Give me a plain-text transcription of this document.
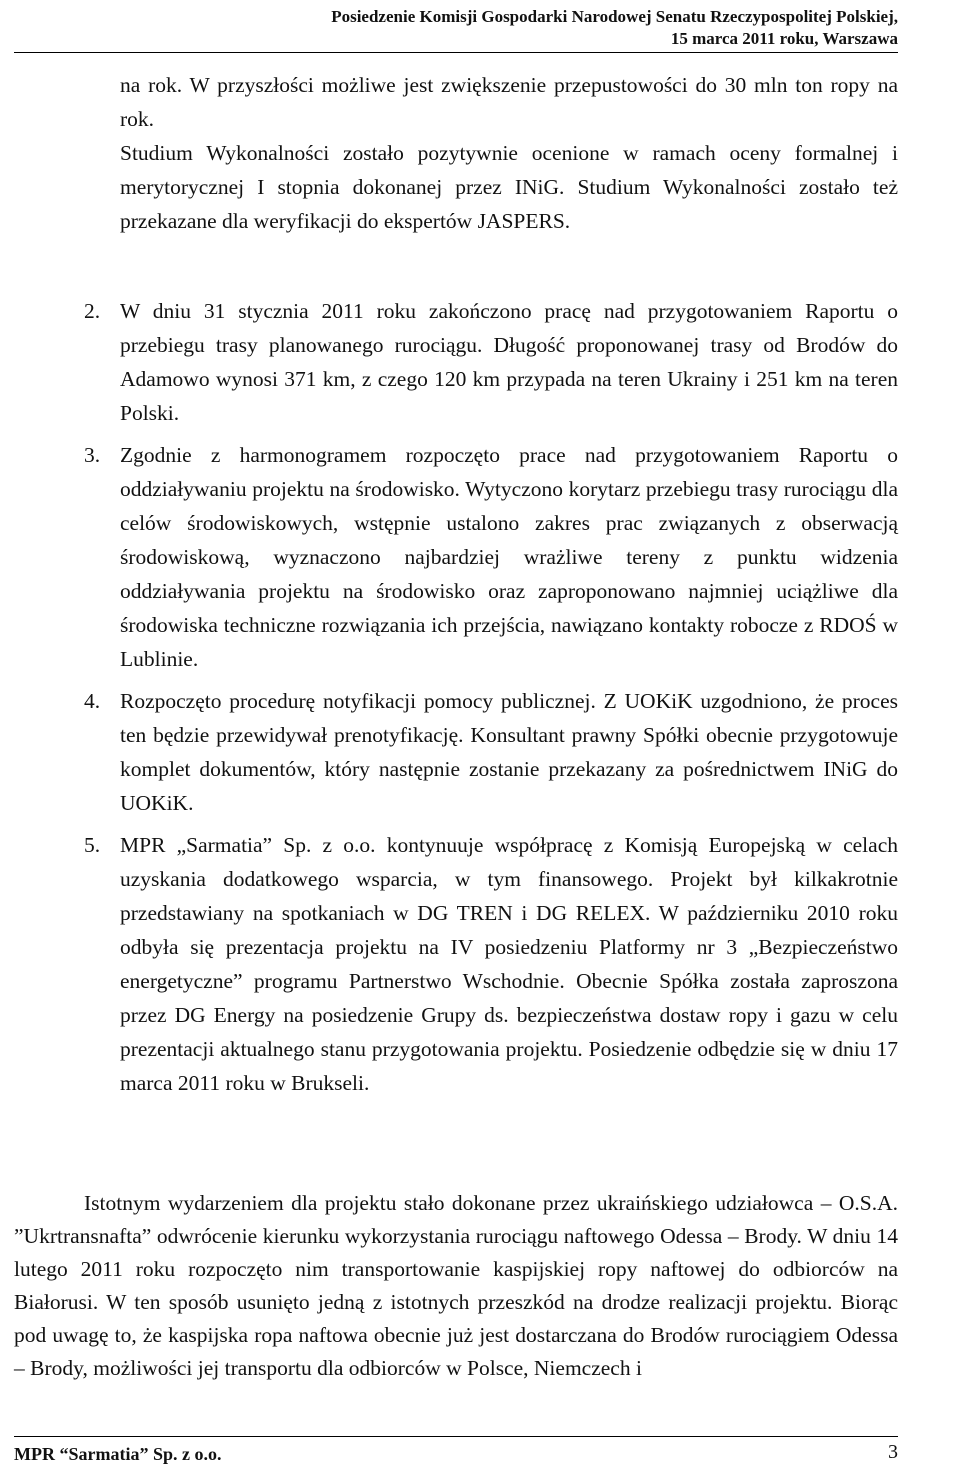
Posiedzenie Komisji Gospodarki Narodowej Senatu Rzeczypospolitej Polskiej,
15 marca 2011 roku, Warszawa

na rok. W przyszłości możliwe jest zwiększenie przepustowości do 30 mln ton ropy na rok.

Studium Wykonalności zostało pozytywnie ocenione w ramach oceny formalnej i merytorycznej I stopnia dokonanej przez INiG. Studium Wykonalności zostało też przekazane dla weryfikacji do ekspertów JASPERS.

2. W dniu 31 stycznia 2011 roku zakończono pracę nad przygotowaniem Raportu o przebiegu trasy planowanego rurociągu. Długość proponowanej trasy od Brodów do Adamowo wynosi 371 km, z czego 120 km przypada na teren Ukrainy i 251 km na teren Polski.
3. Zgodnie z harmonogramem rozpoczęto prace nad przygotowaniem Raportu o oddziaływaniu projektu na środowisko. Wytyczono korytarz przebiegu trasy rurociągu dla celów środowiskowych, wstępnie ustalono zakres prac związanych z obserwacją środowiskową, wyznaczono najbardziej wrażliwe tereny z punktu widzenia oddziaływania projektu na środowisko oraz zaproponowano najmniej uciążliwe dla środowiska techniczne rozwiązania ich przejścia, nawiązano kontakty robocze z RDOŚ w Lublinie.
4. Rozpoczęto procedurę notyfikacji pomocy publicznej. Z UOKiK uzgodniono, że proces ten będzie przewidywał prenotyfikację. Konsultant prawny Spółki obecnie przygotowuje komplet dokumentów, który następnie zostanie przekazany za pośrednictwem INiG do UOKiK.
5. MPR „Sarmatia” Sp. z o.o. kontynuuje współpracę z Komisją Europejską w celach uzyskania dodatkowego wsparcia, w tym finansowego. Projekt był kilkakrotnie przedstawiany na spotkaniach w DG TREN i DG RELEX. W październiku 2010 roku odbyła się prezentacja projektu na IV posiedzeniu Platformy nr 3 „Bezpieczeństwo energetyczne” programu Partnerstwo Wschodnie. Obecnie Spółka została zaproszona przez DG Energy na posiedzenie Grupy ds. bezpieczeństwa dostaw ropy i gazu w celu prezentacji aktualnego stanu przygotowania projektu. Posiedzenie odbędzie się w dniu 17 marca 2011 roku w Brukseli.

Istotnym wydarzeniem dla projektu stało dokonane przez ukraińskiego udziałowca – O.S.A. ”Ukrtransnafta” odwrócenie kierunku wykorzystania rurociągu naftowego Odessa – Brody. W dniu 14 lutego 2011 roku rozpoczęto nim transportowanie kaspijskiej ropy naftowej do odbiorców na Białorusi. W ten sposób usunięto jedną z istotnych przeszkód na drodze realizacji projektu. Biorąc pod uwagę to, że kaspijska ropa naftowa obecnie już jest dostarczana do Brodów rurociągiem Odessa – Brody, możliwości jej transportu dla odbiorców w Polsce, Niemczech i

MPR “Sarmatia” Sp. z o.o.	3
